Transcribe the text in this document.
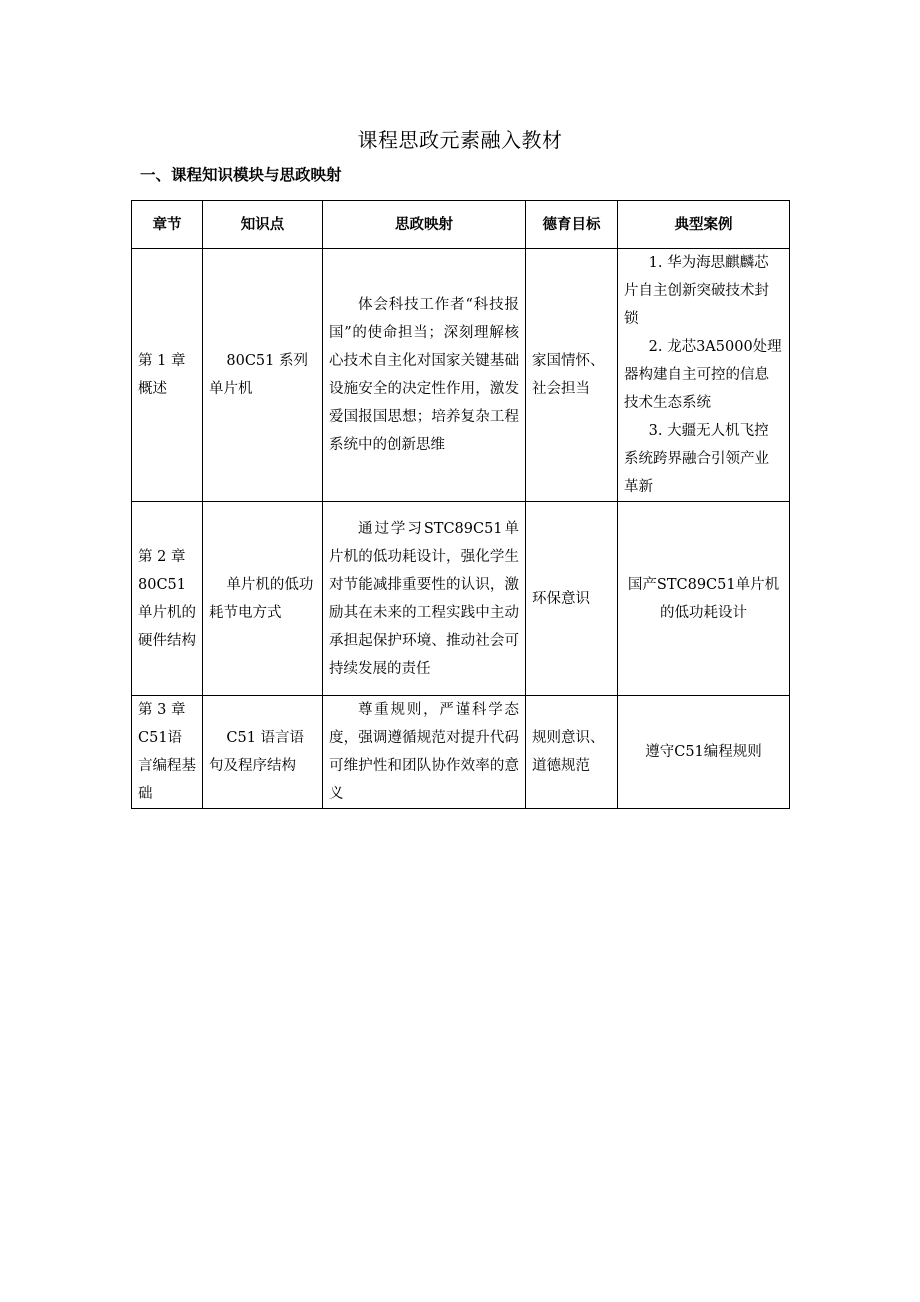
课程思政元素融入教材
一、课程知识模块与思政映射
章节	知识点	思政映射	德育目标	典型案例
第 1 章概述	80C51 系列单片机	体会科技工作者“科技报国”的使命担当；深刻理解核心技术自主化对国家关键基础设施安全的决定性作用，激发爱国报国思想；培养复杂工程系统中的创新思维	家国情怀、社会担当	1. 华为海思麒麟芯片自主创新突破技术封锁
2. 龙芯3A5000处理器构建自主可控的信息技术生态系统
3. 大疆无人机飞控系统跨界融合引领产业革新

第 2 章80C51单片机的硬件结构	单片机的低功耗节电方式	通过学习STC89C51单片机的低功耗设计，强化学生对节能减排重要性的认识，激励其在未来的工程实践中主动承担起保护环境、推动社会可持续发展的责任	环保意识	国产STC89C51单片机的低功耗设计
第 3 章C51语言编程基础	C51 语言语句及程序结构	尊重规则，严谨科学态度，强调遵循规范对提升代码可维护性和团队协作效率的意义	规则意识、道德规范	遵守C51编程规则
